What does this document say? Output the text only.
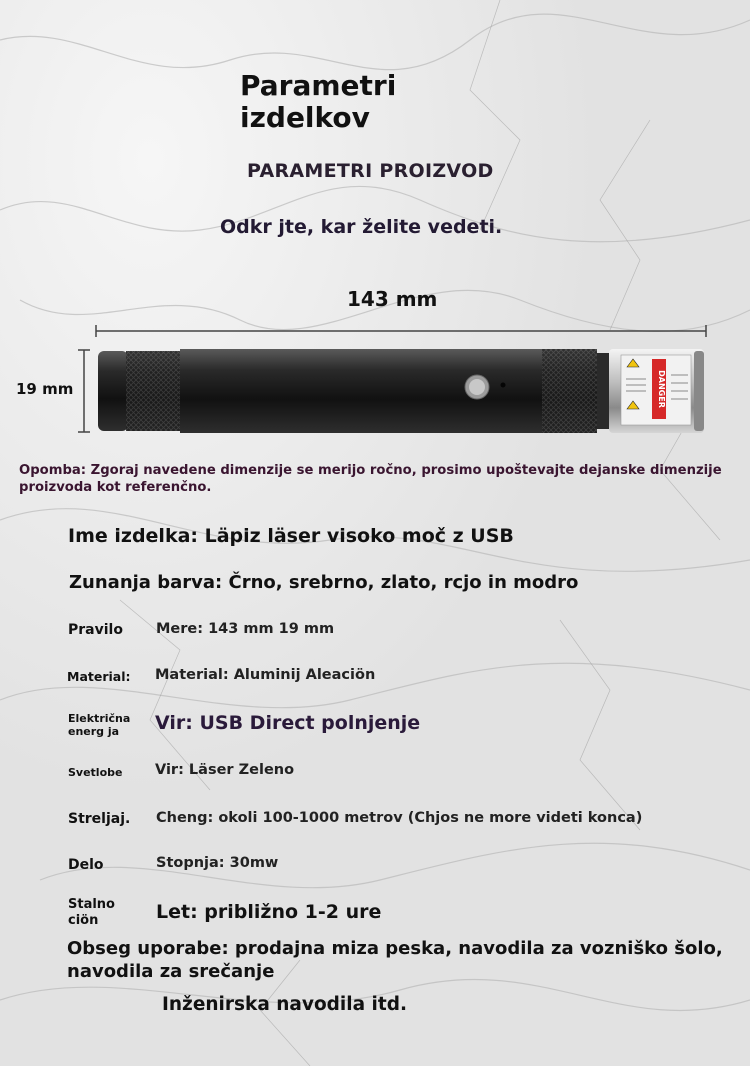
Parametri
izdelkov
PARAMETRI PROIZVOD
Odkr jte, kar želite vedeti.
143 mm
19 mm	DANGER

Opomba: Zgoraj navedene dimenzije se merijo ročno, prosimo upoštevajte dejanske dimenzije proizvoda kot referenčno.

Ime izdelka: Läpiz läser visoko moč z USB
Zunanja barva: Črno, srebrno, zlato, rcjo in modro
Pravilo Mere: 143 mm 19 mm
Material: Material: Aluminij Aleaciön
Električna energ ja	Vir: USB Direct polnjenje
Svetlobe Vir: Läser Zeleno
Streljaj. Cheng: okoli 100-1000 metrov (Chjos ne more videti konca)
Delo	Stopnja: 30mw
Stalno ciön	Let: približno 1-2 ure
Obseg uporabe: prodajna miza peska, navodila za vozniško šolo, navodila za srečanje
Inženirska navodila itd.
